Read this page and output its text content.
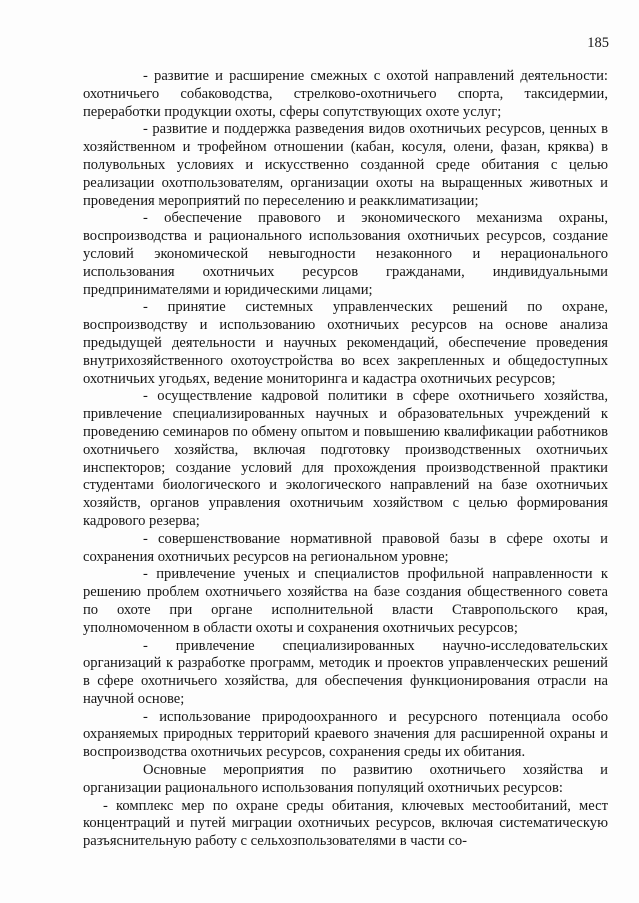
185

- развитие и расширение смежных с охотой направлений деятельности: охотничьего собаководства, стрелково-охотничьего спорта, таксидермии, переработки продукции охоты, сферы сопутствующих охоте услуг;

- развитие и поддержка разведения видов охотничьих ресурсов, ценных в хозяйственном и трофейном отношении (кабан, косуля, олени, фазан, кряква) в полувольных условиях и искусственно созданной среде обитания с целью реализации охотпользователям, организации охоты на выращенных животных и проведения мероприятий по переселению и реакклиматизации;

- обеспечение правового и экономического механизма охраны, воспроизводства и рационального использования охотничьих ресурсов, создание условий экономической невыгодности незаконного и нерационального использования охотничьих ресурсов гражданами, индивидуальными предпринимателями и юридическими лицами;

- принятие системных управленческих решений по охране, воспроизводству и использованию охотничьих ресурсов на основе анализа предыдущей деятельности и научных рекомендаций, обеспечение проведения внутрихозяйственного охотоустройства во всех закрепленных и общедоступных охотничьих угодьях, ведение мониторинга и кадастра охотничьих ресурсов;

- осуществление кадровой политики в сфере охотничьего хозяйства, привлечение специализированных научных и образовательных учреждений к проведению семинаров по обмену опытом и повышению квалификации работников охотничьего хозяйства, включая подготовку производственных охотничьих инспекторов; создание условий для прохождения производственной практики студентами биологического и экологического направлений на базе охотничьих хозяйств, органов управления охотничьим хозяйством с целью формирования кадрового резерва;

- совершенствование нормативной правовой базы в сфере охоты и сохранения охотничьих ресурсов на региональном уровне;

- привлечение ученых и специалистов профильной направленности к решению проблем охотничьего хозяйства на базе создания общественного совета по охоте при органе исполнительной власти Ставропольского края, уполномоченном в области охоты и сохранения охотничьих ресурсов;

- привлечение специализированных научно-исследовательских организаций к разработке программ, методик и проектов управленческих решений в сфере охотничьего хозяйства, для обеспечения функционирования отрасли на научной основе;

- использование природоохранного и ресурсного потенциала особо охраняемых природных территорий краевого значения для расширенной охраны и воспроизводства охотничьих ресурсов, сохранения среды их обитания.

Основные мероприятия по развитию охотничьего хозяйства и организации рационального использования популяций охотничьих ресурсов:

- комплекс мер по охране среды обитания, ключевых местообитаний, мест концентраций и путей миграции охотничьих ресурсов, включая систематическую разъяснительную работу с сельхозпользователями в части со-
